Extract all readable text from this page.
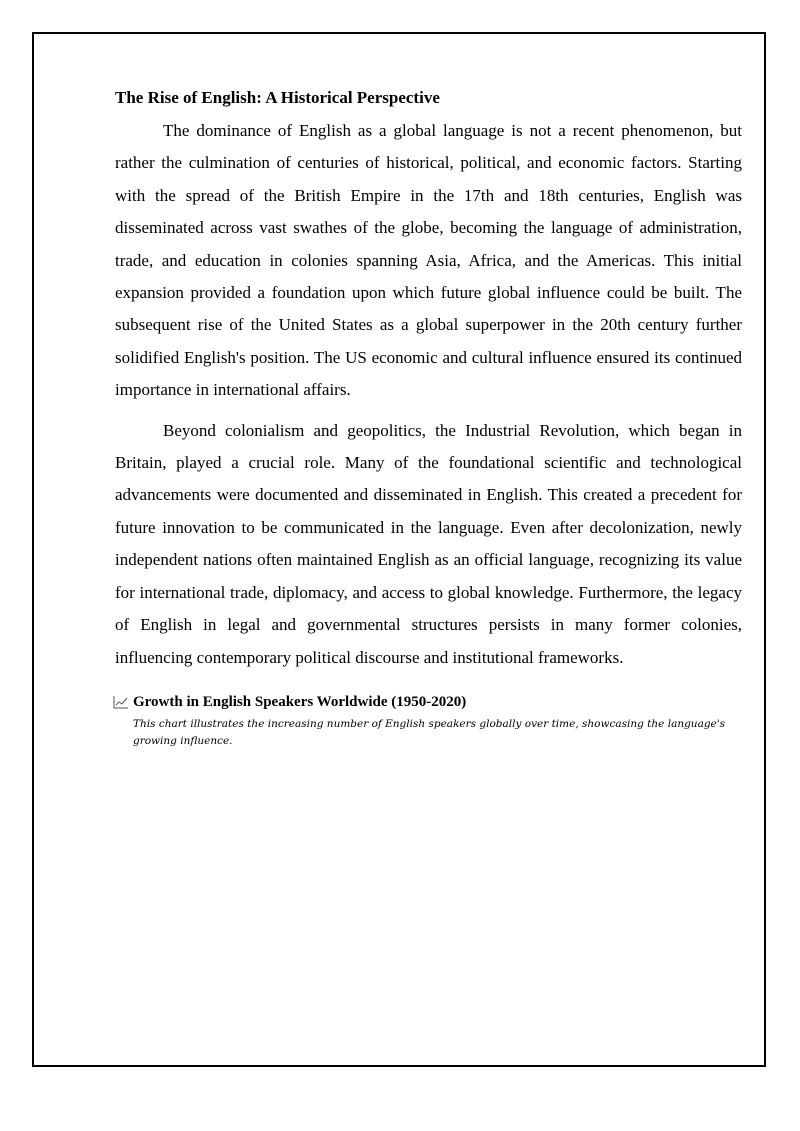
The Rise of English: A Historical Perspective

The dominance of English as a global language is not a recent phenomenon, but rather the culmination of centuries of historical, political, and economic factors. Starting with the spread of the British Empire in the 17th and 18th centuries, English was disseminated across vast swathes of the globe, becoming the language of administration, trade, and education in colonies spanning Asia, Africa, and the Americas. This initial expansion provided a foundation upon which future global influence could be built. The subsequent rise of the United States as a global superpower in the 20th century further solidified English's position. The US economic and cultural influence ensured its continued importance in international affairs.

Beyond colonialism and geopolitics, the Industrial Revolution, which began in Britain, played a crucial role. Many of the foundational scientific and technological advancements were documented and disseminated in English. This created a precedent for future innovation to be communicated in the language. Even after decolonization, newly independent nations often maintained English as an official language, recognizing its value for international trade, diplomacy, and access to global knowledge. Furthermore, the legacy of English in legal and governmental structures persists in many former colonies, influencing contemporary political discourse and institutional frameworks.

Growth in English Speakers Worldwide (1950-2020)
This chart illustrates the increasing number of English speakers globally over time, showcasing the language's growing influence.
